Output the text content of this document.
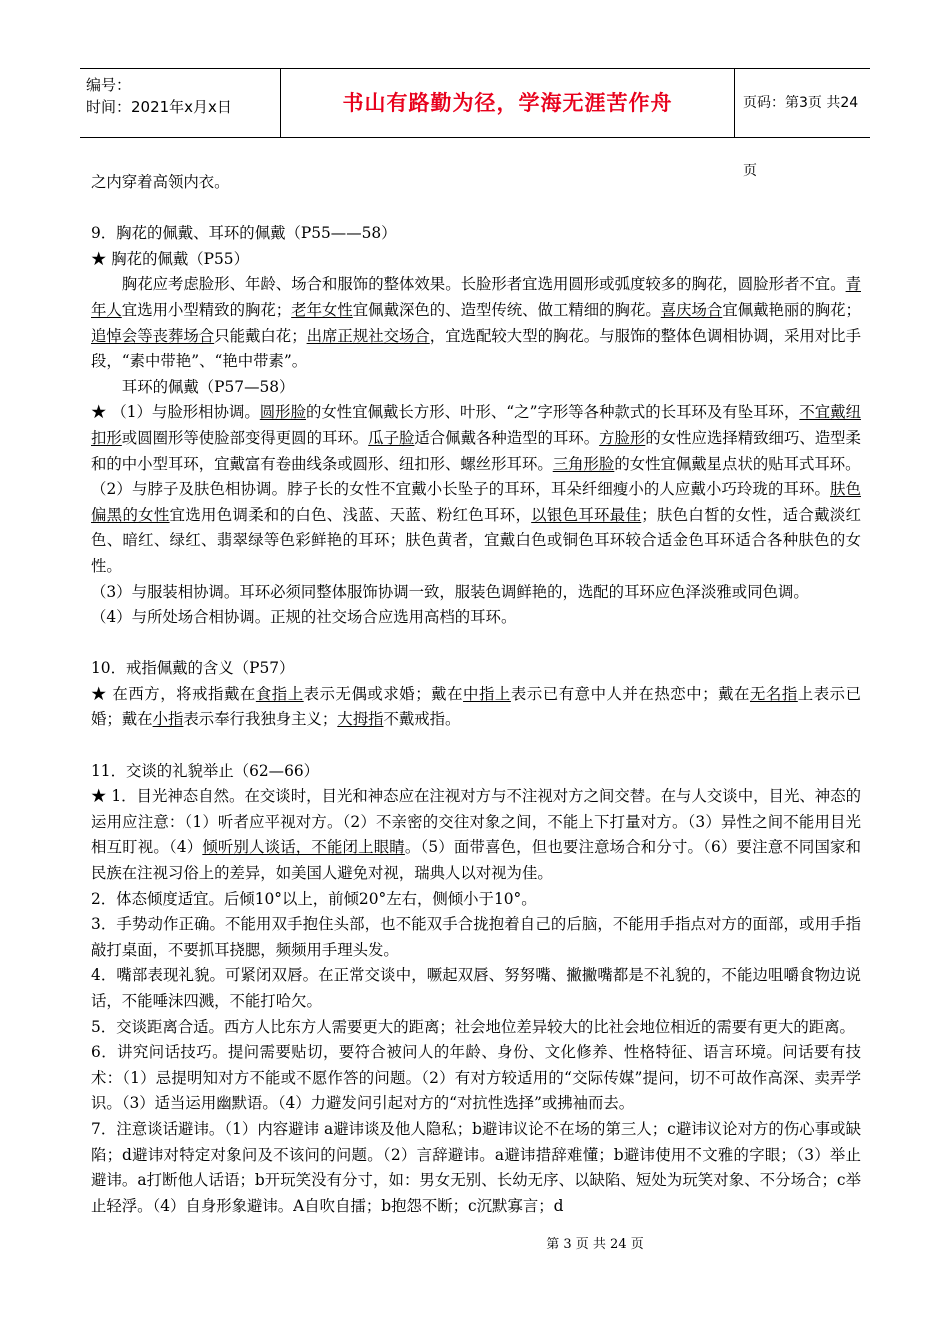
编号：
时间：2021年x月x日	书山有路勤为径，学海无涯苦作舟	页码：第3页 共24页

之内穿着高领内衣。

9．胸花的佩戴、耳环的佩戴（P55——58）

★ 胸花的佩戴（P55）

胸花应考虑脸形、年龄、场合和服饰的整体效果。长脸形者宜选用圆形或弧度较多的胸花，圆脸形者不宜。青年人宜选用小型精致的胸花；老年女性宜佩戴深色的、造型传统、做工精细的胸花。喜庆场合宜佩戴艳丽的胸花；追悼会等丧葬场合只能戴白花；出席正规社交场合，宜选配较大型的胸花。与服饰的整体色调相协调，采用对比手段，“素中带艳”、“艳中带素”。

耳环的佩戴（P57—58）

★ （1）与脸形相协调。圆形脸的女性宜佩戴长方形、叶形、“之”字形等各种款式的长耳环及有坠耳环，不宜戴纽扣形或圆圈形等使脸部变得更圆的耳环。瓜子脸适合佩戴各种造型的耳环。方脸形的女性应选择精致细巧、造型柔和的中小型耳环，宜戴富有卷曲线条或圆形、纽扣形、螺丝形耳环。三角形脸的女性宜佩戴星点状的贴耳式耳环。

（2）与脖子及肤色相协调。脖子长的女性不宜戴小长坠子的耳环，耳朵纤细瘦小的人应戴小巧玲珑的耳环。肤色偏黑的女性宜选用色调柔和的白色、浅蓝、天蓝、粉红色耳环，以银色耳环最佳；肤色白皙的女性，适合戴淡红色、暗红、绿红、翡翠绿等色彩鲜艳的耳环；肤色黄者，宜戴白色或铜色耳环较合适金色耳环适合各种肤色的女性。

（3）与服装相协调。耳环必须同整体服饰协调一致，服装色调鲜艳的，选配的耳环应色泽淡雅或同色调。

（4）与所处场合相协调。正规的社交场合应选用高档的耳环。

10．戒指佩戴的含义（P57）

★ 在西方，将戒指戴在食指上表示无偶或求婚；戴在中指上表示已有意中人并在热恋中；戴在无名指上表示已婚；戴在小指表示奉行我独身主义；大拇指不戴戒指。

11．交谈的礼貌举止（62—66）

★ 1．目光神态自然。在交谈时，目光和神态应在注视对方与不注视对方之间交替。在与人交谈中，目光、神态的运用应注意：（1）听者应平视对方。（2）不亲密的交往对象之间，不能上下打量对方。（3）异性之间不能用目光相互盯视。（4）倾听别人谈话，不能闭上眼睛。（5）面带喜色，但也要注意场合和分寸。（6）要注意不同国家和民族在注视习俗上的差异，如美国人避免对视，瑞典人以对视为佳。

2．体态倾度适宜。后倾10°以上，前倾20°左右，侧倾小于10°。

3．手势动作正确。不能用双手抱住头部，也不能双手合拢抱着自己的后脑，不能用手指点对方的面部，或用手指敲打桌面，不要抓耳挠腮，频频用手理头发。

4．嘴部表现礼貌。可紧闭双唇。在正常交谈中，噘起双唇、努努嘴、撇撇嘴都是不礼貌的，不能边咀嚼食物边说话，不能唾沫四溅，不能打哈欠。

5．交谈距离合适。西方人比东方人需要更大的距离；社会地位差异较大的比社会地位相近的需要有更大的距离。

6．讲究问话技巧。提问需要贴切，要符合被问人的年龄、身份、文化修养、性格特征、语言环境。问话要有技术：（1）忌提明知对方不能或不愿作答的问题。（2）有对方较适用的“交际传媒”提问，切不可故作高深、卖弄学识。（3）适当运用幽默语。（4）力避发问引起对方的“对抗性选择”或拂袖而去。

7．注意谈话避讳。（1）内容避讳 a避讳谈及他人隐私；b避讳议论不在场的第三人；c避讳议论对方的伤心事或缺陷；d避讳对特定对象问及不该问的问题。（2）言辞避讳。a避讳措辞难懂；b避讳使用不文雅的字眼；（3）举止避讳。a打断他人话语；b开玩笑没有分寸，如：男女无别、长幼无序、以缺陷、短处为玩笑对象、不分场合；c举止轻浮。（4）自身形象避讳。A自吹自擂；b抱怨不断；c沉默寡言；d

第 3 页 共 24 页
